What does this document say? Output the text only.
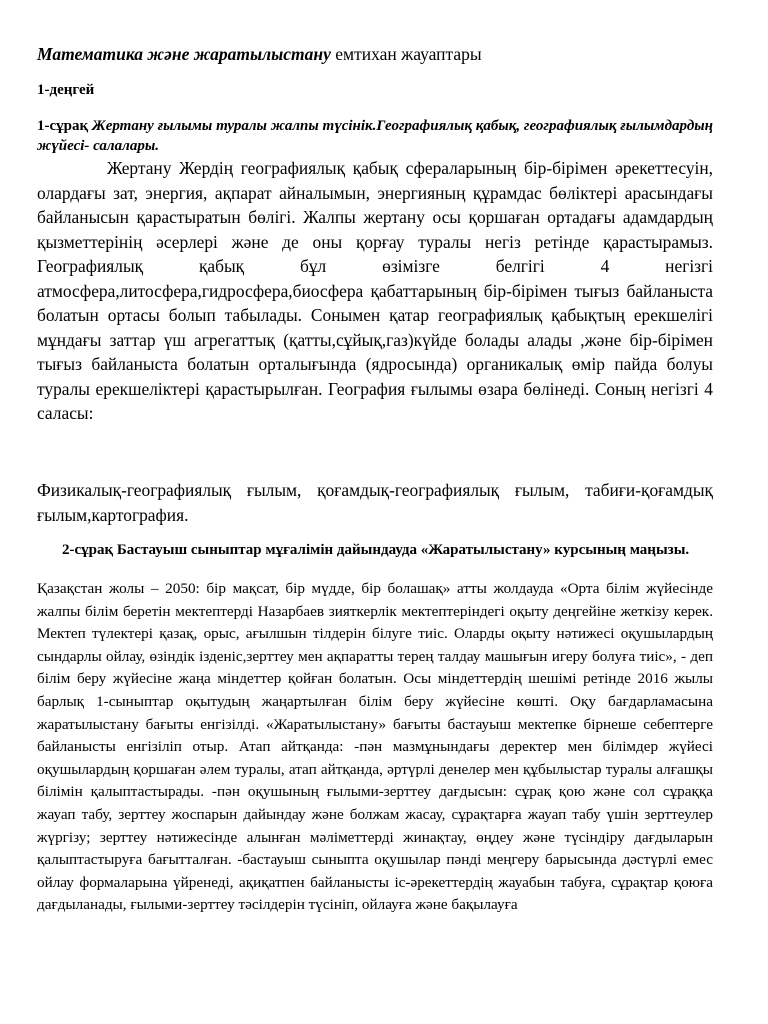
Математика және жаратылыстану емтихан жауаптары
1-деңгей
1-сұрақ Жертану ғылымы туралы жалпы түсінік.Географиялық қабық, географиялық ғылымдардың жүйесі- салалары.

Жертану Жердің географиялық қабық сфераларының бір-бірімен әрекеттесуін, олардағы зат, энергия, ақпарат айналымын, энергияның құрамдас бөліктері арасындағы байланысын қарастыратын бөлігі. Жалпы жертану осы қоршаған ортадағы адамдардың қызметтерінің әсерлері және де оны қорғау туралы негіз ретінде қарастырамыз. Географиялық қабық бұл өзімізге белгігі 4 негізгі атмосфера,литосфера,гидросфера,биосфера қабаттарының бір-бірімен тығыз байланыста болатын ортасы болып табылады. Сонымен қатар географиялық қабықтың ерекшелігі мұндағы заттар үш агрегаттық (қатты,сұйық,газ)күйде болады алады ,және бір-бірімен тығыз байланыста болатын орталығында (ядросында) органикалық өмір пайда болуы туралы ерекшеліктері қарастырылған. География ғылымы өзара бөлінеді. Соның негізгі 4 саласы:

Физикалық-географиялық ғылым, қоғамдық-географиялық ғылым, табиғи-қоғамдық ғылым,картография.

2-сұрақ Бастауыш сыныптар мұғалімін дайындауда «Жаратылыстану» курсының маңызы.

Қазақстан жолы – 2050: бір мақсат, бір мүдде, бір болашақ» атты жолдауда «Орта білім жүйесінде жалпы білім беретін мектептерді Назарбаев зияткерлік мектептеріндегі оқыту деңгейіне жеткізу керек. Мектеп түлектері қазақ, орыс, ағылшын тілдерін білуге тиіс. Оларды оқыту нәтижесі оқушылардың сындарлы ойлау, өзіндік ізденіс,зерттеу мен ақпаратты терең талдау машығын игеру болуға тиіс», - деп білім беру жүйесіне жаңа міндеттер қойған болатын. Осы міндеттердің шешімі ретінде 2016 жылы барлық 1-сыныптар оқытудың жаңартылған білім беру жүйесіне көшті. Оқу бағдарламасына жаратылыстану бағыты енгізілді. «Жаратылыстану» бағыты бастауыш мектепке бірнеше себептерге байланысты енгізіліп отыр. Атап айтқанда: -пән мазмұнындағы деректер мен білімдер жүйесі оқушылардың қоршаған әлем туралы, атап айтқанда, әртүрлі денелер мен құбылыстар туралы алғашқы білімін қалыптастырады. -пән оқушының ғылыми-зерттеу дағдысын: сұрақ қою және сол сұраққа жауап табу, зерттеу жоспарын дайындау және болжам жасау, сұрақтарға жауап табу үшін зерттеулер жүргізу; зерттеу нәтижесінде алынған мәліметтерді жинақтау, өңдеу және түсіндіру дағдыларын қалыптастыруға бағытталған. -бастауыш сыныпта оқушылар пәнді меңгеру барысында дәстүрлі емес ойлау формаларына үйренеді, ақиқатпен байланысты іс-әрекеттердің жауабын табуға, сұрақтар қоюға дағдыланады, ғылыми-зерттеу тәсілдерін түсініп, ойлауға және бақылауға
